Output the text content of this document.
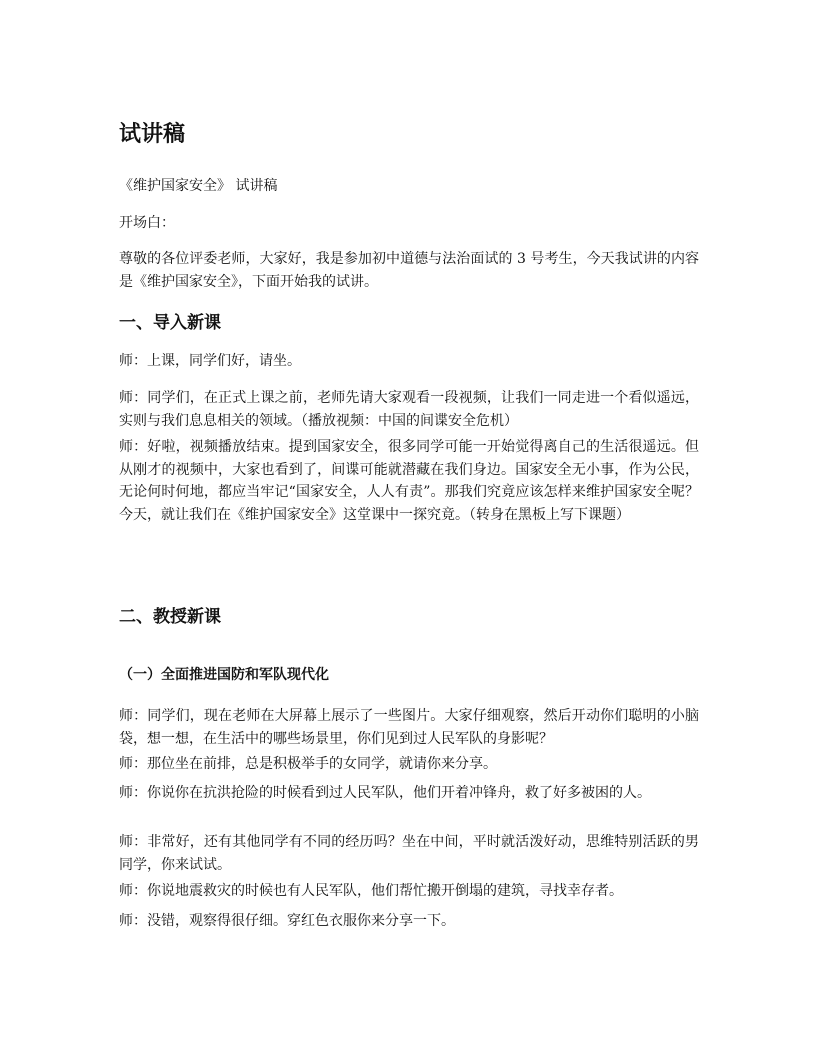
试讲稿

《维护国家安全》 试讲稿

开场白：

尊敬的各位评委老师，大家好，我是参加初中道德与法治面试的 3 号考生，今天我试讲的内容是《维护国家安全》，下面开始我的试讲。

一、导入新课

师：上课，同学们好，请坐。

师：同学们，在正式上课之前，老师先请大家观看一段视频，让我们一同走进一个看似遥远，实则与我们息息相关的领域。（播放视频：中国的间谍安全危机）

师：好啦，视频播放结束。提到国家安全，很多同学可能一开始觉得离自己的生活很遥远。但从刚才的视频中，大家也看到了，间谍可能就潜藏在我们身边。国家安全无小事，作为公民，无论何时何地，都应当牢记“国家安全，人人有责”。那我们究竟应该怎样来维护国家安全呢？今天，就让我们在《维护国家安全》这堂课中一探究竟。（转身在黑板上写下课题）

二、教授新课
（一）全面推进国防和军队现代化

师：同学们，现在老师在大屏幕上展示了一些图片。大家仔细观察，然后开动你们聪明的小脑袋，想一想，在生活中的哪些场景里，你们见到过人民军队的身影呢？

师：那位坐在前排，总是积极举手的女同学，就请你来分享。

师：你说你在抗洪抢险的时候看到过人民军队，他们开着冲锋舟，救了好多被困的人。

师：非常好，还有其他同学有不同的经历吗？坐在中间，平时就活泼好动，思维特别活跃的男同学，你来试试。

师：你说地震救灾的时候也有人民军队，他们帮忙搬开倒塌的建筑，寻找幸存者。

师：没错，观察得很仔细。穿红色衣服你来分享一下。
